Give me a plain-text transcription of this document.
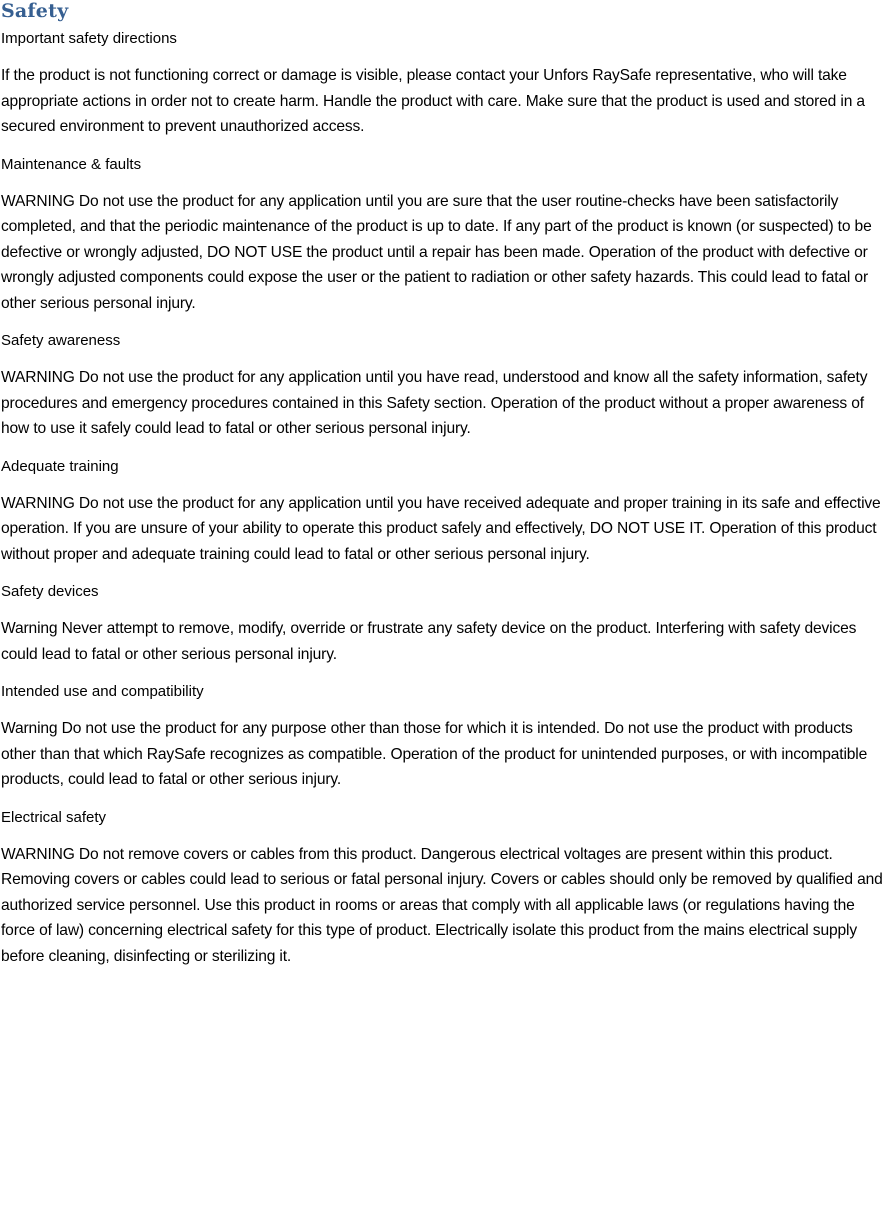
Safety

Important safety directions

If the product is not functioning correct or damage is visible, please contact your Unfors RaySafe representative, who will take appropriate actions in order not to create harm. Handle the product with care. Make sure that the product is used and stored in a secured environment to prevent unauthorized access.

Maintenance & faults

WARNING Do not use the product for any application until you are sure that the user routine-checks have been satisfactorily completed, and that the periodic maintenance of the product is up to date. If any part of the product is known (or suspected) to be defective or wrongly adjusted, DO NOT USE the product until a repair has been made. Operation of the product with defective or wrongly adjusted components could expose the user or the patient to radiation or other safety hazards. This could lead to fatal or other serious personal injury.

Safety awareness

WARNING Do not use the product for any application until you have read, understood and know all the safety information, safety procedures and emergency procedures contained in this Safety section. Operation of the product without a proper awareness of how to use it safely could lead to fatal or other serious personal injury.

Adequate training

WARNING Do not use the product for any application until you have received adequate and proper training in its safe and effective operation. If you are unsure of your ability to operate this product safely and effectively, DO NOT USE IT. Operation of this product without proper and adequate training could lead to fatal or other serious personal injury.

Safety devices

Warning Never attempt to remove, modify, override or frustrate any safety device on the product. Interfering with safety devices could lead to fatal or other serious personal injury.

Intended use and compatibility

Warning Do not use the product for any purpose other than those for which it is intended. Do not use the product with products other than that which RaySafe recognizes as compatible. Operation of the product for unintended purposes, or with incompatible products, could lead to fatal or other serious injury.

Electrical safety

WARNING Do not remove covers or cables from this product. Dangerous electrical voltages are present within this product. Removing covers or cables could lead to serious or fatal personal injury. Covers or cables should only be removed by qualified and authorized service personnel. Use this product in rooms or areas that comply with all applicable laws (or regulations having the force of law) concerning electrical safety for this type of product. Electrically isolate this product from the mains electrical supply before cleaning, disinfecting or sterilizing it.
